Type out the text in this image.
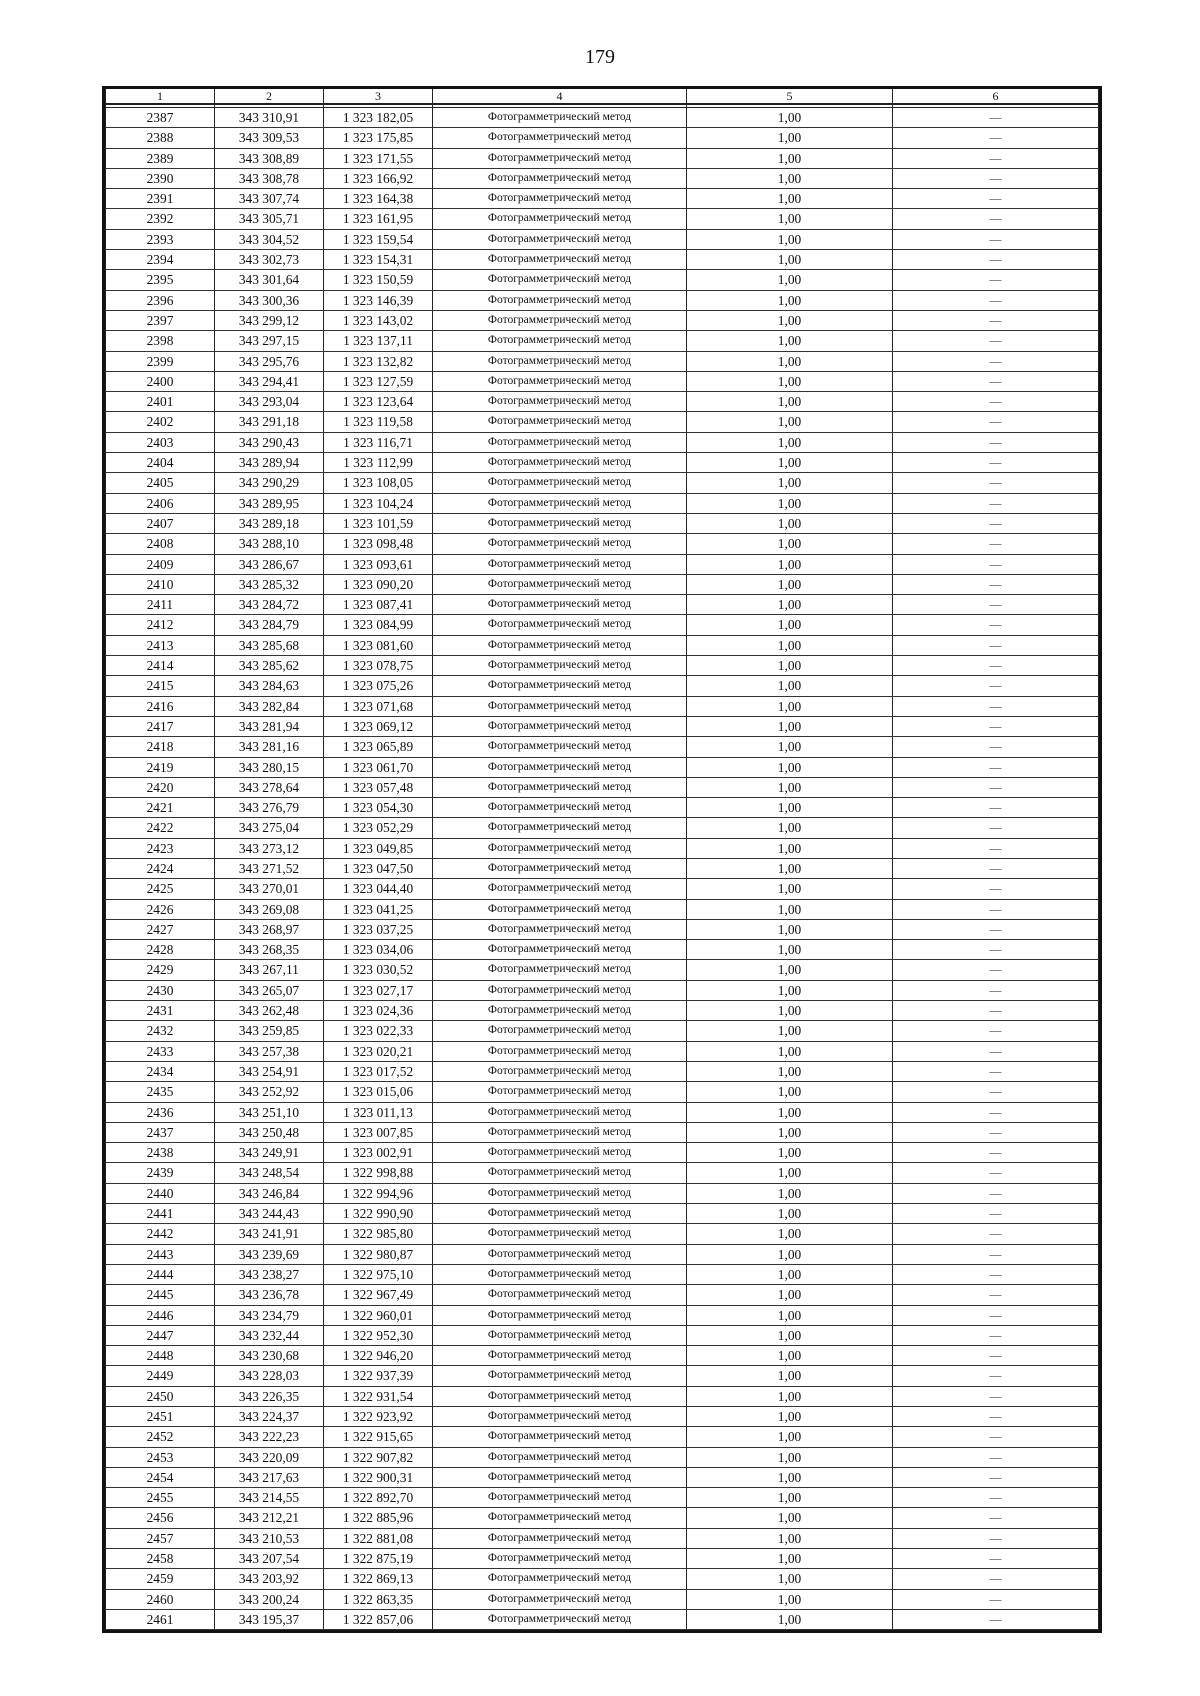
179
1	2	3	4	5	6

2387	343 310,91	1 323 182,05	Фотограмметрический метод	1,00	—
2388	343 309,53	1 323 175,85	Фотограмметрический метод	1,00	—
2389	343 308,89	1 323 171,55	Фотограмметрический метод	1,00	—
2390	343 308,78	1 323 166,92	Фотограмметрический метод	1,00	—
2391	343 307,74	1 323 164,38	Фотограмметрический метод	1,00	—
2392	343 305,71	1 323 161,95	Фотограмметрический метод	1,00	—
2393	343 304,52	1 323 159,54	Фотограмметрический метод	1,00	—
2394	343 302,73	1 323 154,31	Фотограмметрический метод	1,00	—
2395	343 301,64	1 323 150,59	Фотограмметрический метод	1,00	—
2396	343 300,36	1 323 146,39	Фотограмметрический метод	1,00	—
2397	343 299,12	1 323 143,02	Фотограмметрический метод	1,00	—
2398	343 297,15	1 323 137,11	Фотограмметрический метод	1,00	—
2399	343 295,76	1 323 132,82	Фотограмметрический метод	1,00	—
2400	343 294,41	1 323 127,59	Фотограмметрический метод	1,00	—
2401	343 293,04	1 323 123,64	Фотограмметрический метод	1,00	—
2402	343 291,18	1 323 119,58	Фотограмметрический метод	1,00	—
2403	343 290,43	1 323 116,71	Фотограмметрический метод	1,00	—
2404	343 289,94	1 323 112,99	Фотограмметрический метод	1,00	—
2405	343 290,29	1 323 108,05	Фотограмметрический метод	1,00	—
2406	343 289,95	1 323 104,24	Фотограмметрический метод	1,00	—
2407	343 289,18	1 323 101,59	Фотограмметрический метод	1,00	—
2408	343 288,10	1 323 098,48	Фотограмметрический метод	1,00	—
2409	343 286,67	1 323 093,61	Фотограмметрический метод	1,00	—
2410	343 285,32	1 323 090,20	Фотограмметрический метод	1,00	—
2411	343 284,72	1 323 087,41	Фотограмметрический метод	1,00	—
2412	343 284,79	1 323 084,99	Фотограмметрический метод	1,00	—
2413	343 285,68	1 323 081,60	Фотограмметрический метод	1,00	—
2414	343 285,62	1 323 078,75	Фотограмметрический метод	1,00	—
2415	343 284,63	1 323 075,26	Фотограмметрический метод	1,00	—
2416	343 282,84	1 323 071,68	Фотограмметрический метод	1,00	—
2417	343 281,94	1 323 069,12	Фотограмметрический метод	1,00	—
2418	343 281,16	1 323 065,89	Фотограмметрический метод	1,00	—
2419	343 280,15	1 323 061,70	Фотограмметрический метод	1,00	—
2420	343 278,64	1 323 057,48	Фотограмметрический метод	1,00	—
2421	343 276,79	1 323 054,30	Фотограмметрический метод	1,00	—
2422	343 275,04	1 323 052,29	Фотограмметрический метод	1,00	—
2423	343 273,12	1 323 049,85	Фотограмметрический метод	1,00	—
2424	343 271,52	1 323 047,50	Фотограмметрический метод	1,00	—
2425	343 270,01	1 323 044,40	Фотограмметрический метод	1,00	—
2426	343 269,08	1 323 041,25	Фотограмметрический метод	1,00	—
2427	343 268,97	1 323 037,25	Фотограмметрический метод	1,00	—
2428	343 268,35	1 323 034,06	Фотограмметрический метод	1,00	—
2429	343 267,11	1 323 030,52	Фотограмметрический метод	1,00	—
2430	343 265,07	1 323 027,17	Фотограмметрический метод	1,00	—
2431	343 262,48	1 323 024,36	Фотограмметрический метод	1,00	—
2432	343 259,85	1 323 022,33	Фотограмметрический метод	1,00	—
2433	343 257,38	1 323 020,21	Фотограмметрический метод	1,00	—
2434	343 254,91	1 323 017,52	Фотограмметрический метод	1,00	—
2435	343 252,92	1 323 015,06	Фотограмметрический метод	1,00	—
2436	343 251,10	1 323 011,13	Фотограмметрический метод	1,00	—
2437	343 250,48	1 323 007,85	Фотограмметрический метод	1,00	—
2438	343 249,91	1 323 002,91	Фотограмметрический метод	1,00	—
2439	343 248,54	1 322 998,88	Фотограмметрический метод	1,00	—
2440	343 246,84	1 322 994,96	Фотограмметрический метод	1,00	—
2441	343 244,43	1 322 990,90	Фотограмметрический метод	1,00	—
2442	343 241,91	1 322 985,80	Фотограмметрический метод	1,00	—
2443	343 239,69	1 322 980,87	Фотограмметрический метод	1,00	—
2444	343 238,27	1 322 975,10	Фотограмметрический метод	1,00	—
2445	343 236,78	1 322 967,49	Фотограмметрический метод	1,00	—
2446	343 234,79	1 322 960,01	Фотограмметрический метод	1,00	—
2447	343 232,44	1 322 952,30	Фотограмметрический метод	1,00	—
2448	343 230,68	1 322 946,20	Фотограмметрический метод	1,00	—
2449	343 228,03	1 322 937,39	Фотограмметрический метод	1,00	—
2450	343 226,35	1 322 931,54	Фотограмметрический метод	1,00	—
2451	343 224,37	1 322 923,92	Фотограмметрический метод	1,00	—
2452	343 222,23	1 322 915,65	Фотограмметрический метод	1,00	—
2453	343 220,09	1 322 907,82	Фотограмметрический метод	1,00	—
2454	343 217,63	1 322 900,31	Фотограмметрический метод	1,00	—
2455	343 214,55	1 322 892,70	Фотограмметрический метод	1,00	—
2456	343 212,21	1 322 885,96	Фотограмметрический метод	1,00	—
2457	343 210,53	1 322 881,08	Фотограмметрический метод	1,00	—
2458	343 207,54	1 322 875,19	Фотограмметрический метод	1,00	—
2459	343 203,92	1 322 869,13	Фотограмметрический метод	1,00	—
2460	343 200,24	1 322 863,35	Фотограмметрический метод	1,00	—
2461	343 195,37	1 322 857,06	Фотограмметрический метод	1,00	—
